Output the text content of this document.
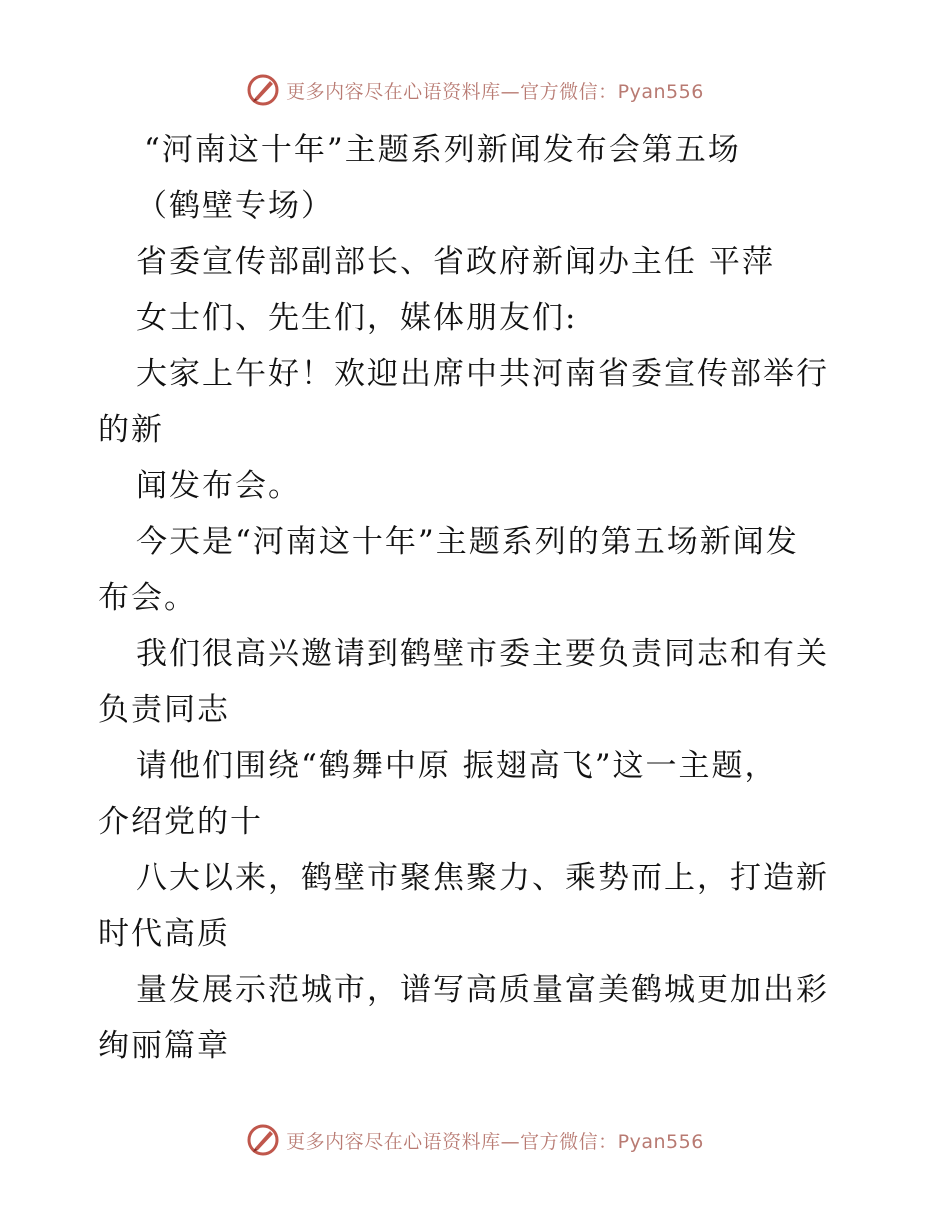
更多内容尽在心语资料库—官方微信：Pyan556
“河南这十年”主题系列新闻发布会第五场
（鹤壁专场）
省委宣传部副部长、省政府新闻办主任 平萍
女士们、先生们，媒体朋友们:
大家上午好！欢迎出席中共河南省委宣传部举行
的新
闻发布会。
今天是“河南这十年”主题系列的第五场新闻发
布会。
我们很高兴邀请到鹤壁市委主要负责同志和有关
负责同志
请他们围绕“鹤舞中原 振翅高飞”这一主题，
介绍党的十
八大以来，鹤壁市聚焦聚力、乘势而上，打造新
时代高质
量发展示范城市，谱写高质量富美鹤城更加出彩
绚丽篇章
更多内容尽在心语资料库—官方微信：Pyan556
